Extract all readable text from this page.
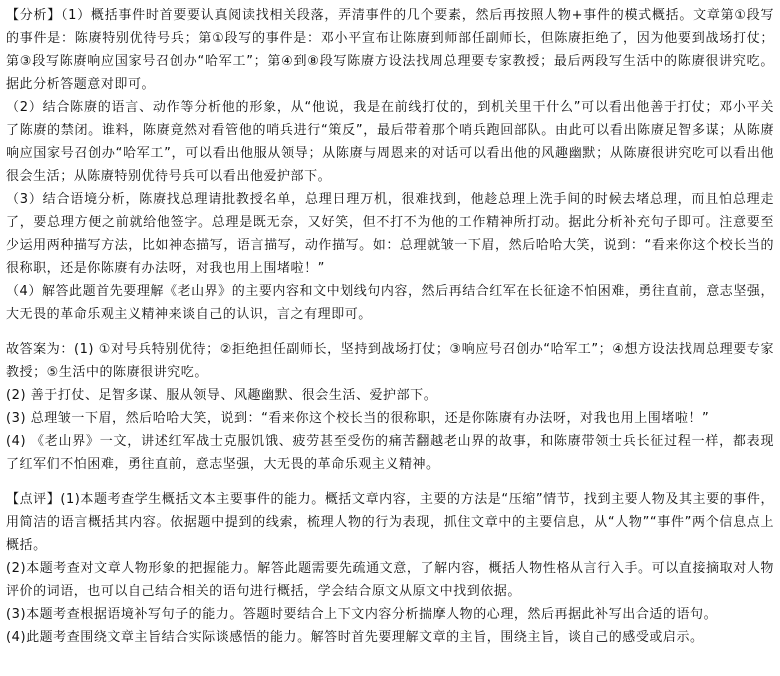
【分析】（1）概括事件时首要要认真阅读找相关段落，弄清事件的几个要素，然后再按照人物+事件的模式概括。文章第①段写的事件是：陈赓特别优待号兵；第①段写的事件是：邓小平宣布让陈赓到师部任副师长，但陈赓拒绝了，因为他要到战场打仗；第③段写陈赓响应国家号召创办“哈军工”；第④到⑧段写陈赓方设法找周总理要专家教授；最后两段写生活中的陈赓很讲究吃。据此分析答题意对即可。

（2）结合陈赓的语言、动作等分析他的形象，从“他说，我是在前线打仗的，到机关里干什么”可以看出他善于打仗；邓小平关了陈赓的禁闭。谁料，陈赓竟然对看管他的哨兵进行“策反”，最后带着那个哨兵跑回部队。由此可以看出陈赓足智多谋；从陈赓响应国家号召创办“哈军工”，可以看出他服从领导；从陈赓与周恩来的对话可以看出他的风趣幽默；从陈赓很讲究吃可以看出他很会生活；从陈赓特别优待号兵可以看出他爱护部下。

（3）结合语境分析，陈赓找总理请批教授名单，总理日理万机，很难找到，他趁总理上洗手间的时候去堵总理，而且怕总理走了，要总理方便之前就给他签字。总理是既无奈，又好笑，但不打不为他的工作精神所打动。据此分析补充句子即可。注意要至少运用两种描写方法，比如神态描写，语言描写，动作描写。如：总理就皱一下眉，然后哈哈大笑，说到：“看来你这个校长当的很称职，还是你陈赓有办法呀，对我也用上围堵啦！”

（4）解答此题首先要理解《老山界》的主要内容和文中划线句内容，然后再结合红军在长征途不怕困难，勇往直前，意志坚强，大无畏的革命乐观主义精神来谈自己的认识，言之有理即可。

故答案为：(1) ①对号兵特别优待；②拒绝担任副师长，坚持到战场打仗；③响应号召创办“哈军工”；④想方设法找周总理要专家教授；⑤生活中的陈赓很讲究吃。

(2) 善于打仗、足智多谋、服从领导、风趣幽默、很会生活、爱护部下。

(3) 总理皱一下眉，然后哈哈大笑，说到：“看来你这个校长当的很称职，还是你陈赓有办法呀，对我也用上围堵啦！”

(4) 《老山界》一文，讲述红军战士克服饥饿、疲劳甚至受伤的痛苦翻越老山界的故事，和陈赓带领士兵长征过程一样，都表现了红军们不怕困难，勇往直前，意志坚强，大无畏的革命乐观主义精神。

【点评】(1)本题考查学生概括文本主要事件的能力。概括文章内容，主要的方法是“压缩”情节，找到主要人物及其主要的事件，用简洁的语言概括其内容。依据题中提到的线索，梳理人物的行为表现，抓住文章中的主要信息，从“人物”“事件”两个信息点上概括。

(2)本题考查对文章人物形象的把握能力。解答此题需要先疏通文意，了解内容，概括人物性格从言行入手。可以直接摘取对人物评价的词语，也可以自己结合相关的语句进行概括，学会结合原文从原文中找到依据。

(3)本题考查根据语境补写句子的能力。答题时要结合上下文内容分析揣摩人物的心理，然后再据此补写出合适的语句。

(4)此题考查围绕文章主旨结合实际谈感悟的能力。解答时首先要理解文章的主旨，围绕主旨，谈自己的感受或启示。
